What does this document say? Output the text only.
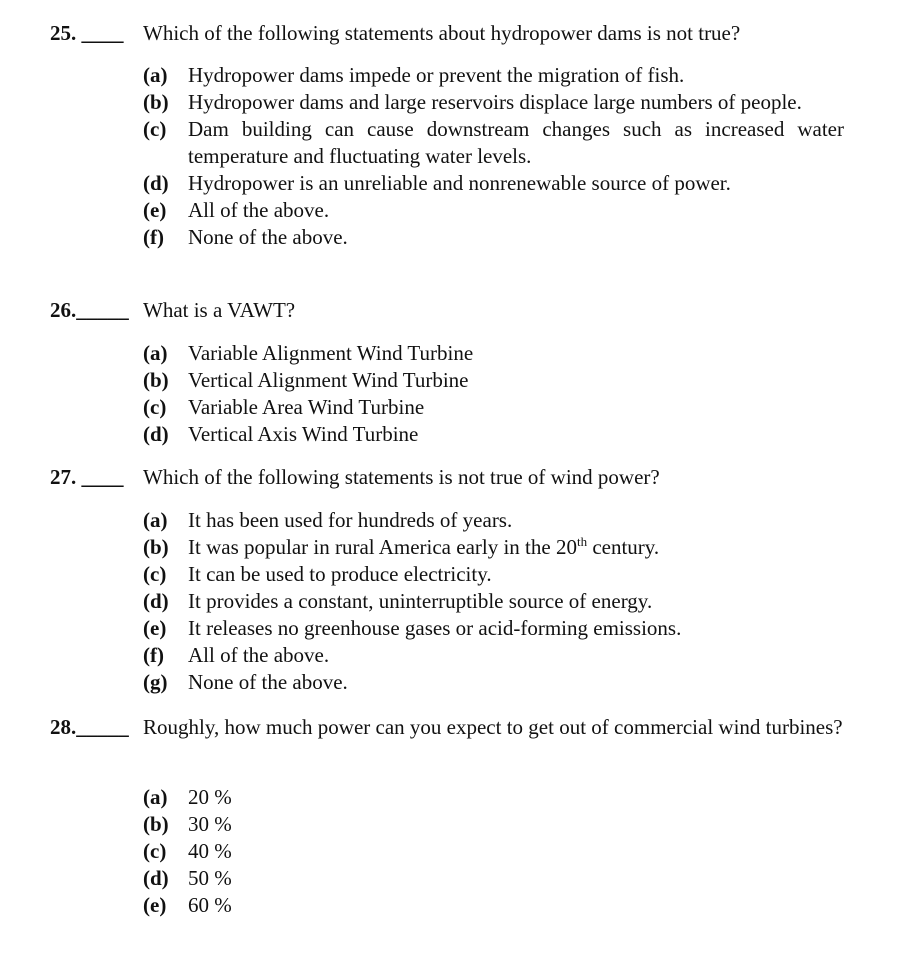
25. ____ Which of the following statements about hydropower dams is not true?
(a) Hydropower dams impede or prevent the migration of fish.
(b) Hydropower dams and large reservoirs displace large numbers of people.
(c) Dam building can cause downstream changes such as increased water temperature and fluctuating water levels.
(d) Hydropower is an unreliable and nonrenewable source of power.
(e) All of the above.
(f) None of the above.
26._____ What is a VAWT?
(a) Variable Alignment Wind Turbine
(b) Vertical Alignment Wind Turbine
(c) Variable Area Wind Turbine
(d) Vertical Axis Wind Turbine
27. ____ Which of the following statements is not true of wind power?
(a) It has been used for hundreds of years.
(b) It was popular in rural America early in the 20th century.
(c) It can be used to produce electricity.
(d) It provides a constant, uninterruptible source of energy.
(e) It releases no greenhouse gases or acid-forming emissions.
(f) All of the above.
(g) None of the above.
28._____ Roughly, how much power can you expect to get out of commercial wind turbines?
(a) 20 %
(b) 30 %
(c) 40 %
(d) 50 %
(e) 60 %
